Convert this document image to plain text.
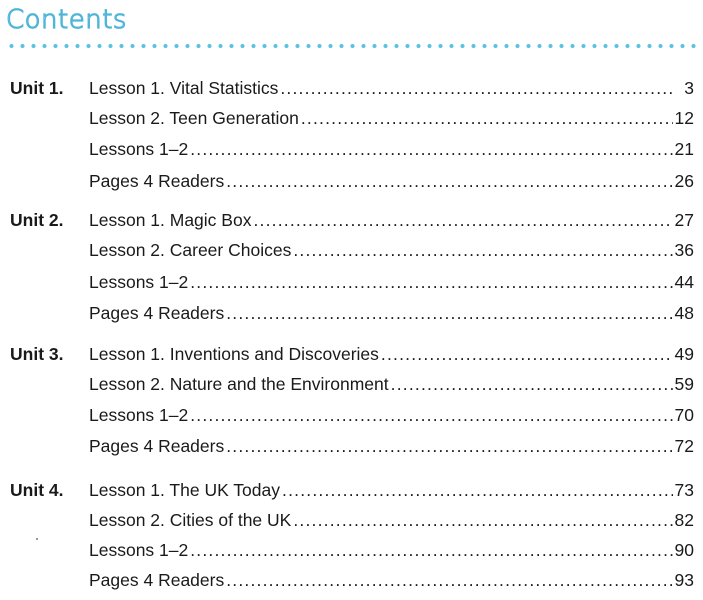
Contents
Unit 1. Lesson 1. Vital Statistics .....	3
Lesson 2. Teen Generation .....	12
Lessons 1–2 .....	21
Pages 4 Readers .....	26
Unit 2. Lesson 1. Magic Box .....	27
Lesson 2. Career Choices .....	36
Lessons 1–2 .....	44
Pages 4 Readers .....	48
Unit 3. Lesson 1. Inventions and Discoveries .....	49
Lesson 2. Nature and the Environment .....	59
Lessons 1–2 .....	70
Pages 4 Readers .....	72
Unit 4. Lesson 1. The UK Today .....	73
Lesson 2. Cities of the UK .....	82
Lessons 1–2 .....	90
Pages 4 Readers .....	93
